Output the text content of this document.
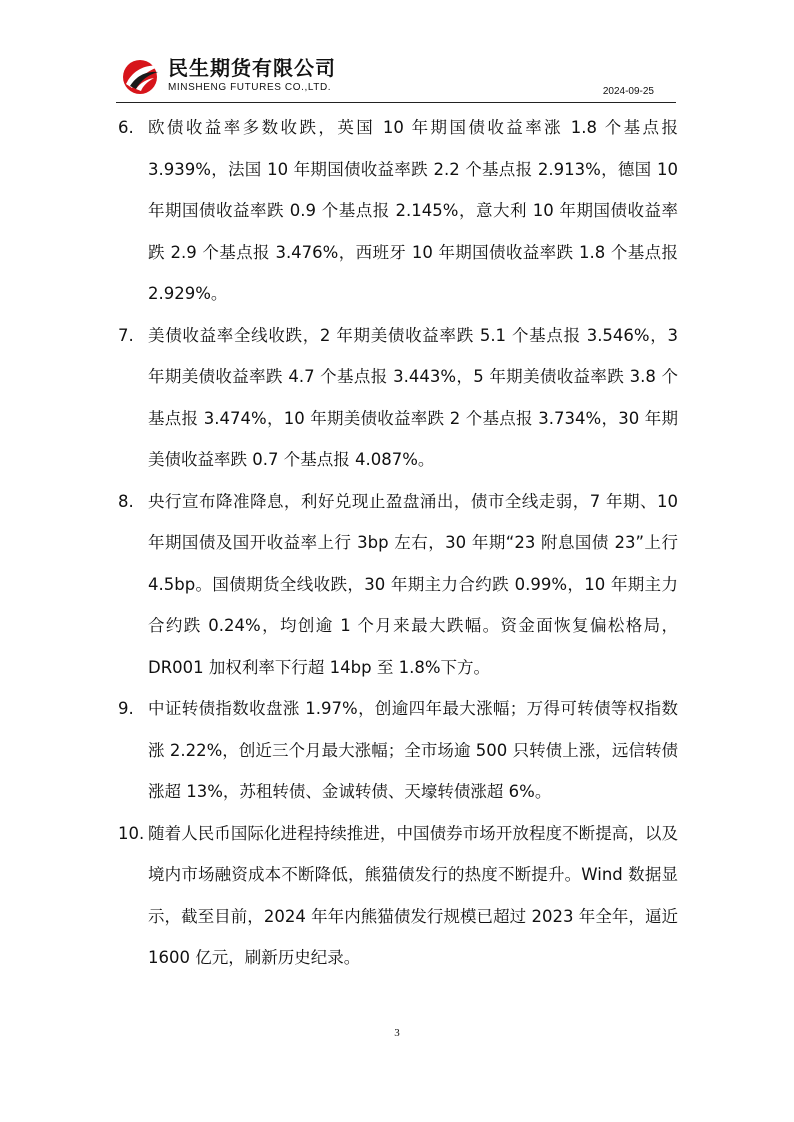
民生期货有限公司
MINSHENG FUTURES CO.,LTD.	2024-09-25
6. 欧债收益率多数收跌，英国 10 年期国债收益率涨 1.8 个基点报 3.939%，法国 10 年期国债收益率跌 2.2 个基点报 2.913%，德国 10 年期国债收益率跌 0.9 个基点报 2.145%，意大利 10 年期国债收益率跌 2.9 个基点报 3.476%，西班牙 10 年期国债收益率跌 1.8 个基点报 2.929%。
7. 美债收益率全线收跌，2 年期美债收益率跌 5.1 个基点报 3.546%，3 年期美债收益率跌 4.7 个基点报 3.443%，5 年期美债收益率跌 3.8 个基点报 3.474%，10 年期美债收益率跌 2 个基点报 3.734%，30 年期美债收益率跌 0.7 个基点报 4.087%。
8. 央行宣布降准降息，利好兑现止盈盘涌出，债市全线走弱，7 年期、10 年期国债及国开收益率上行 3bp 左右，30 年期“23 附息国债 23”上行 4.5bp。国债期货全线收跌，30 年期主力合约跌 0.99%，10 年期主力合约跌 0.24%，均创逾 1 个月来最大跌幅。资金面恢复偏松格局，DR001 加权利率下行超 14bp 至 1.8%下方。
9. 中证转债指数收盘涨 1.97%，创逾四年最大涨幅；万得可转债等权指数涨 2.22%，创近三个月最大涨幅；全市场逾 500 只转债上涨，远信转债涨超 13%，苏租转债、金诚转债、天壕转债涨超 6%。
10. 随着人民币国际化进程持续推进，中国债券市场开放程度不断提高，以及境内市场融资成本不断降低，熊猫债发行的热度不断提升。Wind 数据显示，截至目前，2024 年年内熊猫债发行规模已超过 2023 年全年，逼近 1600 亿元，刷新历史纪录。
3
